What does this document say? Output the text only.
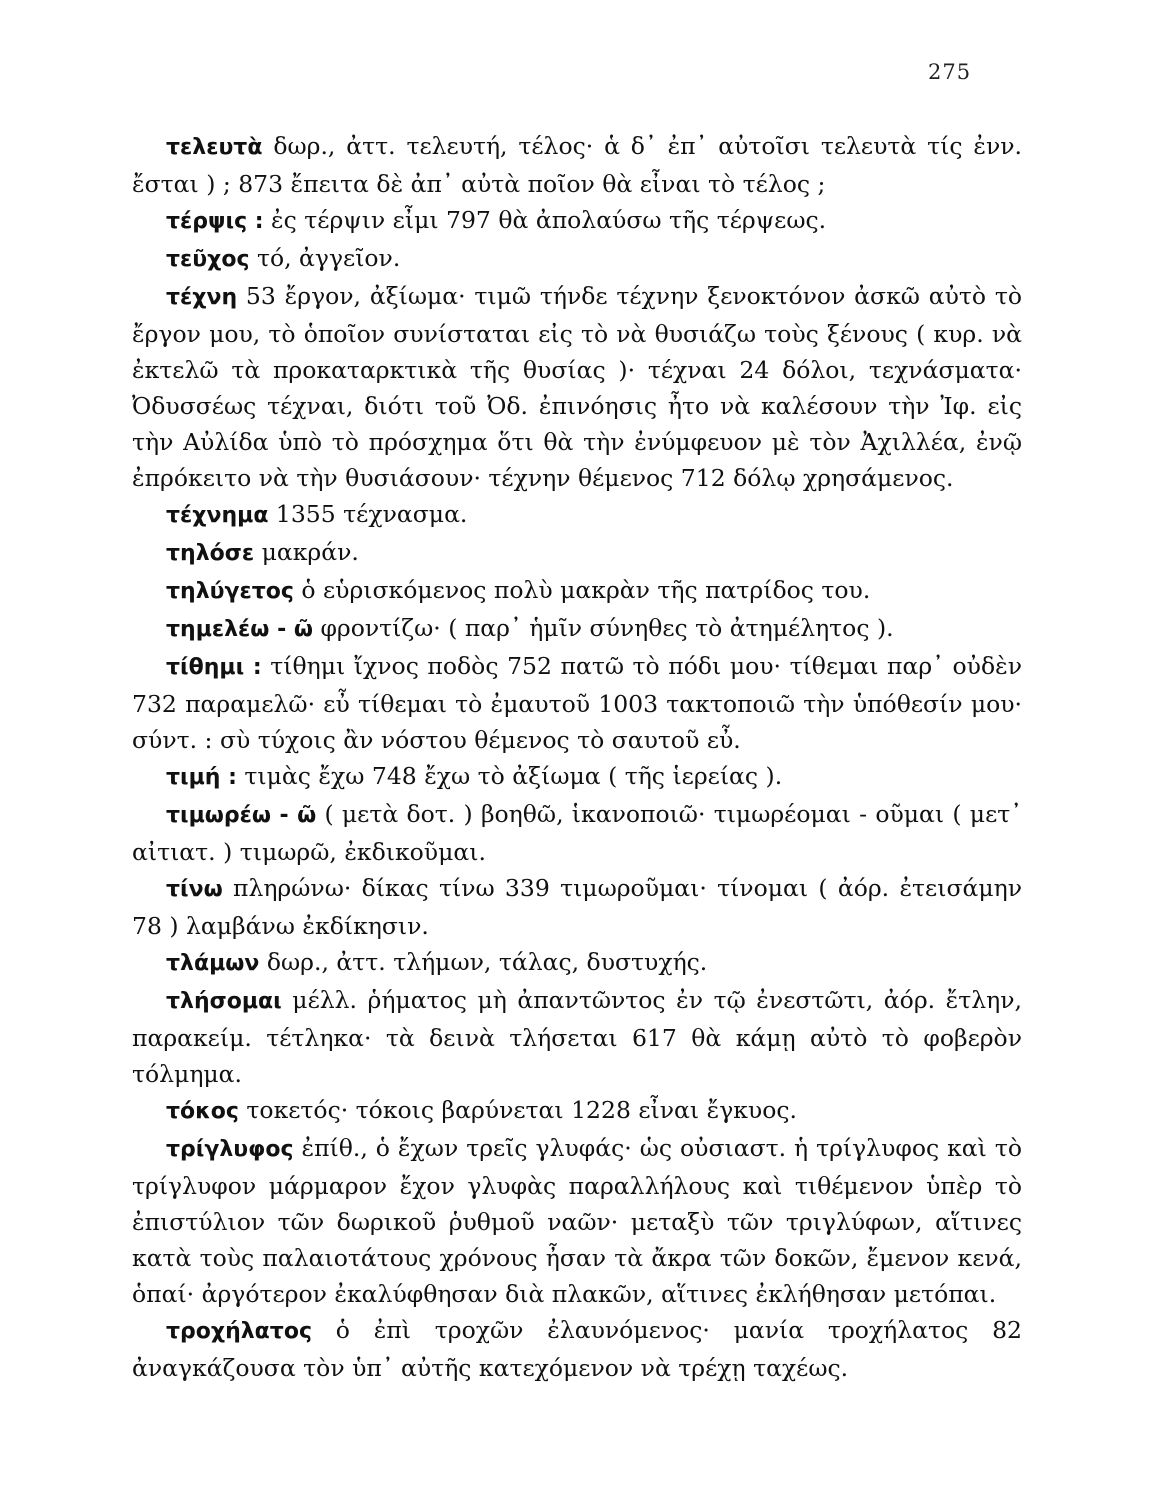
275

τελευτὰ δωρ., ἀττ. τελευτή, τέλος· ἁ δ᾽ ἐπ᾽ αὐτοῖσι τελευτὰ τίς ἐνν. ἔσται ) ; 873 ἔπειτα δὲ ἀπ᾽ αὐτὰ ποῖον θὰ εἶναι τὸ τέλος ;

τέρψις : ἐς τέρψιν εἶμι 797 θὰ ἀπολαύσω τῆς τέρψεως.

τεῦχος τό, ἀγγεῖον.

τέχνη 53 ἔργον, ἀξίωμα· τιμῶ τήνδε τέχνην ξενοκτόνον ἀσκῶ αὐτὸ τὸ ἔργον μου, τὸ ὁποῖον συνίσταται εἰς τὸ νὰ θυσιάζω τοὺς ξένους ( κυρ. νὰ ἐκτελῶ τὰ προκαταρκτικὰ τῆς θυσίας )· τέχναι 24 δόλοι, τεχνάσματα· Ὀδυσσέως τέχναι, διότι τοῦ Ὀδ. ἐπινόησις ἦτο νὰ καλέσουν τὴν Ἰφ. εἰς τὴν Αὐλίδα ὑπὸ τὸ πρόσχημα ὅτι θὰ τὴν ἐνύμφευον μὲ τὸν Ἀχιλλέα, ἐνῷ ἐπρόκειτο νὰ τὴν θυσιάσουν· τέχνην θέμενος 712 δόλῳ χρησάμενος.

τέχνημα 1355 τέχνασμα.

τηλόσε μακράν.

τηλύγετος ὁ εὑρισκόμενος πολὺ μακρὰν τῆς πατρίδος του.

τημελέω - ῶ φροντίζω· ( παρ᾽ ἡμῖν σύνηθες τὸ ἀτημέλητος ).

τίθημι : τίθημι ἴχνος ποδὸς 752 πατῶ τὸ πόδι μου· τίθεμαι παρ᾽ οὐδὲν 732 παραμελῶ· εὖ τίθεμαι τὸ ἐμαυτοῦ 1003 τακτοποιῶ τὴν ὑπόθεσίν μου· σύντ. : σὺ τύχοις ἂν νόστου θέμενος τὸ σαυτοῦ εὖ.

τιμή : τιμὰς ἔχω 748 ἔχω τὸ ἀξίωμα ( τῆς ἱερείας ).

τιμωρέω - ῶ ( μετὰ δοτ. ) βοηθῶ, ἱκανοποιῶ· τιμωρέομαι - οῦμαι ( μετ᾽ αἰτιατ. ) τιμωρῶ, ἐκδικοῦμαι.

τίνω πληρώνω· δίκας τίνω 339 τιμωροῦμαι· τίνομαι ( ἀόρ. ἐτεισάμην 78 ) λαμβάνω ἐκδίκησιν.

τλάμων δωρ., ἀττ. τλήμων, τάλας, δυστυχής.

τλήσομαι μέλλ. ῥήματος μὴ ἀπαντῶντος ἐν τῷ ἐνεστῶτι, ἀόρ. ἔτλην, παρακείμ. τέτληκα· τὰ δεινὰ τλήσεται 617 θὰ κάμῃ αὐτὸ τὸ φοβερὸν τόλμημα.

τόκος τοκετός· τόκοις βαρύνεται 1228 εἶναι ἔγκυος.

τρίγλυφος ἐπίθ., ὁ ἔχων τρεῖς γλυφάς· ὡς οὐσιαστ. ἡ τρίγλυφος καὶ τὸ τρίγλυφον μάρμαρον ἔχον γλυφὰς παραλλήλους καὶ τιθέμενον ὑπὲρ τὸ ἐπιστύλιον τῶν δωρικοῦ ῥυθμοῦ ναῶν· μεταξὺ τῶν τριγλύφων, αἵτινες κατὰ τοὺς παλαιοτάτους χρόνους ἦσαν τὰ ἄκρα τῶν δοκῶν, ἔμενον κενά, ὁπαί· ἀργότερον ἐκαλύφθησαν διὰ πλακῶν, αἵτινες ἐκλήθησαν μετόπαι.

τροχήλατος ὁ ἐπὶ τροχῶν ἐλαυνόμενος· μανία τροχήλατος 82 ἀναγκάζουσα τὸν ὑπ᾽ αὐτῆς κατεχόμενον νὰ τρέχῃ ταχέως.
